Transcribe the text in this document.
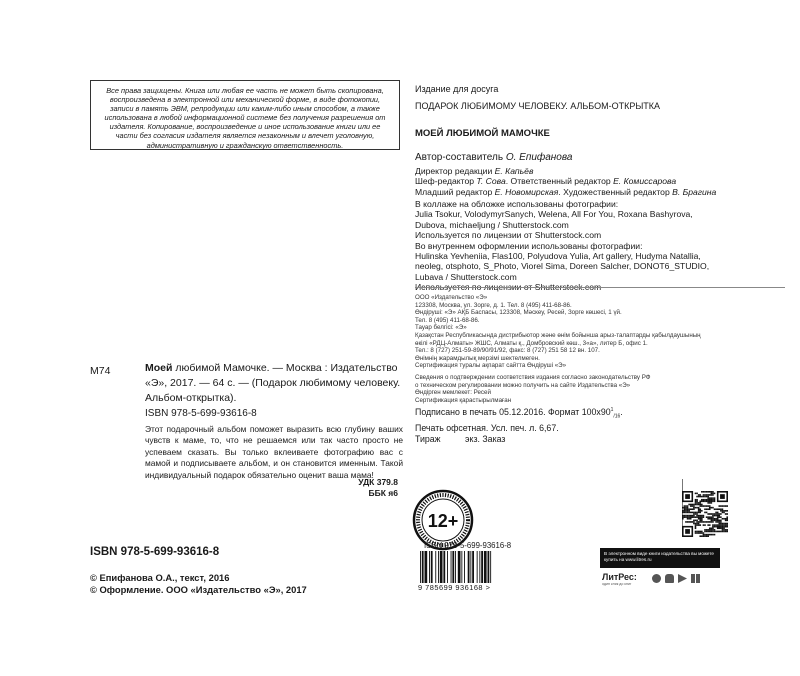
Все права защищены. Книга или любая ее часть не может быть скопирована, воспроизведена в электронной или механической форме, в виде фотокопии, записи в память ЭВМ, репродукции или каким-либо иным способом, а также использована в любой информационной системе без получения разрешения от издателя. Копирование, воспроизведение и иное использование книги или ее части без согласия издателя является незаконным и влечет уголовную, административную и гражданскую ответственность.
М74	Моей любимой Мамочке. — Москва : Издательство «Э», 2017. — 64 с. — (Подарок любимому человеку. Альбом-открытка).
ISBN 978-5-699-93616-8
Этот подарочный альбом поможет выразить всю глубину ваших чувств к маме, то, что не решаемся или так часто просто не успеваем сказать. Вы только вклеиваете фотографию вас с мамой и подписываете альбом, и он становится именным. Такой индивидуальный подарок обязательно оценит ваша мама!
УДК 379.8
ББК я6
12+
ISBN 978-5-699-93616-8
© Епифанова О.А., текст, 2016
© Оформление. ООО «Издательство «Э», 2017
Издание для досуга
ПОДАРОК ЛЮБИМОМУ ЧЕЛОВЕКУ. АЛЬБОМ-ОТКРЫТКА
МОЕЙ ЛЮБИМОЙ МАМОЧКЕ
Автор-составитель О. Епифанова
Директор редакции Е. Капьёв
Шеф-редактор Т. Сова. Ответственный редактор Е. Комиссарова
Младший редактор Е. Новомирская. Художественный редактор В. Брагина
В коллаже на обложке использованы фотографии:
Julia Tsokur, VolodymyrSanych, Welena, All For You, Roxana Bashyrova,
Dubova, michaeljung / Shutterstock.com
Используется по лицензии от Shutterstock.com
Во внутреннем оформлении использованы фотографии:
Hulinska Yevheniia, Flas100, Polyudova Yulia, Art gallery, Hudyma Natallia,
neoleg, otsphoto, S_Photo, Viorel Sima, Doreen Salcher, DONOT6_STUDIO,
Lubava / Shutterstock.com
Используется по лицензии от Shutterstock.com
ООО «Издательство «Э»
123308, Москва, ул. Зорге, д. 1. Тел. 8 (495) 411-68-86.
Өндіруші: «Э» АҚБ Баспасы, 123308, Мәскеу, Ресей, Зорге көшесі, 1 үй.
Тел. 8 (495) 411-68-86.
Тауар белгісі: «Э»
Қазақстан Республикасында дистрибьютор және өнім бойынша арыз-талаптарды қабылдаушының
өкілі «РДЦ-Алматы» ЖШС, Алматы қ., Домбровский көш., 3«а», литер Б, офис 1.
Тел.: 8 (727) 251-59-89/90/91/92, факс: 8 (727) 251 58 12 вн. 107.
Өнімнің жарамдылық мерзімі шектелмеген.
Сертификация туралы ақпарат сайтта Өндіруші «Э»
Сведения о подтверждении соответствия издания согласно законодательству РФ
о техническом регулировании можно получить на сайте Издательства «Э»
Өндірген мемлекет: Ресей
Сертификация қарастырылмаған
Подписано в печать 05.12.2016. Формат $100x90^1_{/16}$.
Печать офсетная. Усл. печ. л. 6,67.
Тираж          экз. Заказ
ISBN 978-5-699-93616-8
9 785699 936168 >
В электронном виде книги издательства вы можете купить на www.litres.ru
ЛитРес:
один клик до книг
